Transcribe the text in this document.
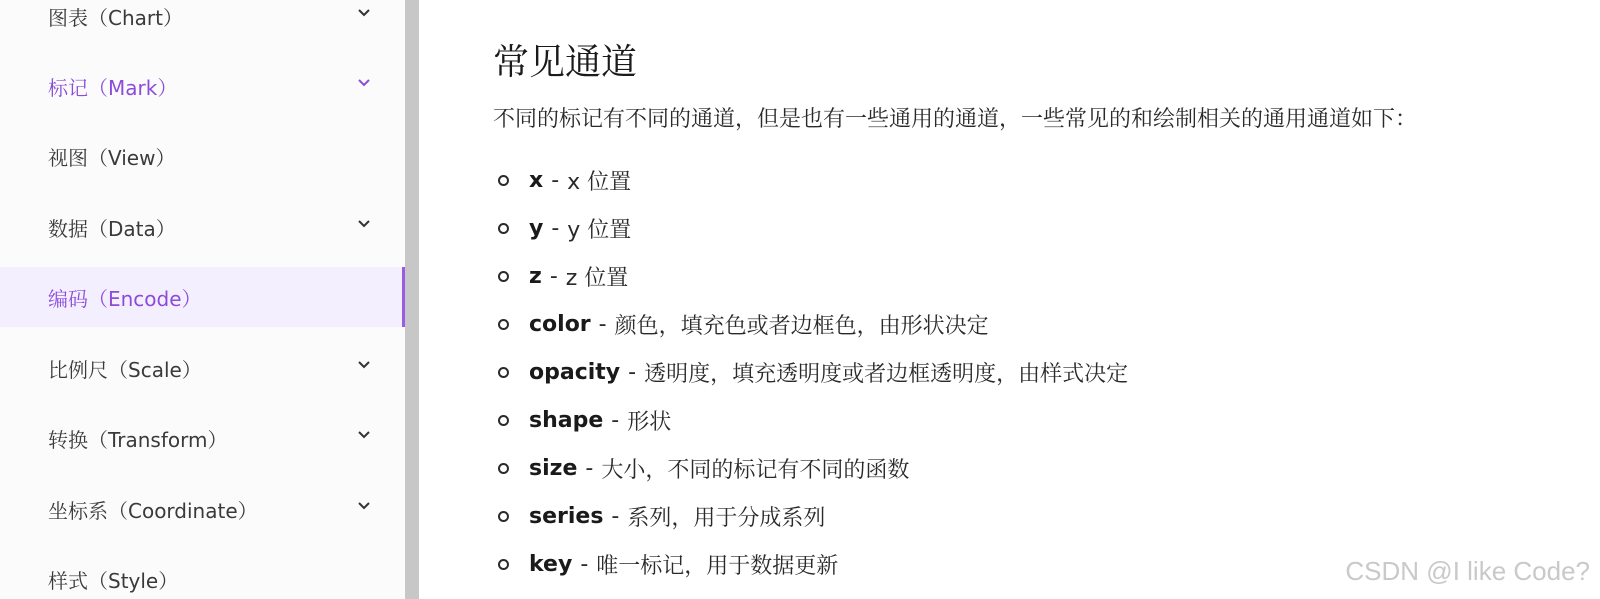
图表（Chart）
标记（Mark）
视图（View）
数据（Data）
编码（Encode）
比例尺（Scale）
转换（Transform）
坐标系（Coordinate）
样式（Style）
常见通道

不同的标记有不同的通道，但是也有一些通用的通道，一些常见的和绘制相关的通用通道如下：

x - x 位置
y - y 位置
z - z 位置
color - 颜色，填充色或者边框色，由形状决定
opacity - 透明度，填充透明度或者边框透明度，由样式决定
shape - 形状
size - 大小，不同的标记有不同的函数
series - 系列，用于分成系列
key - 唯一标记，用于数据更新	CSDN @I like Code?
